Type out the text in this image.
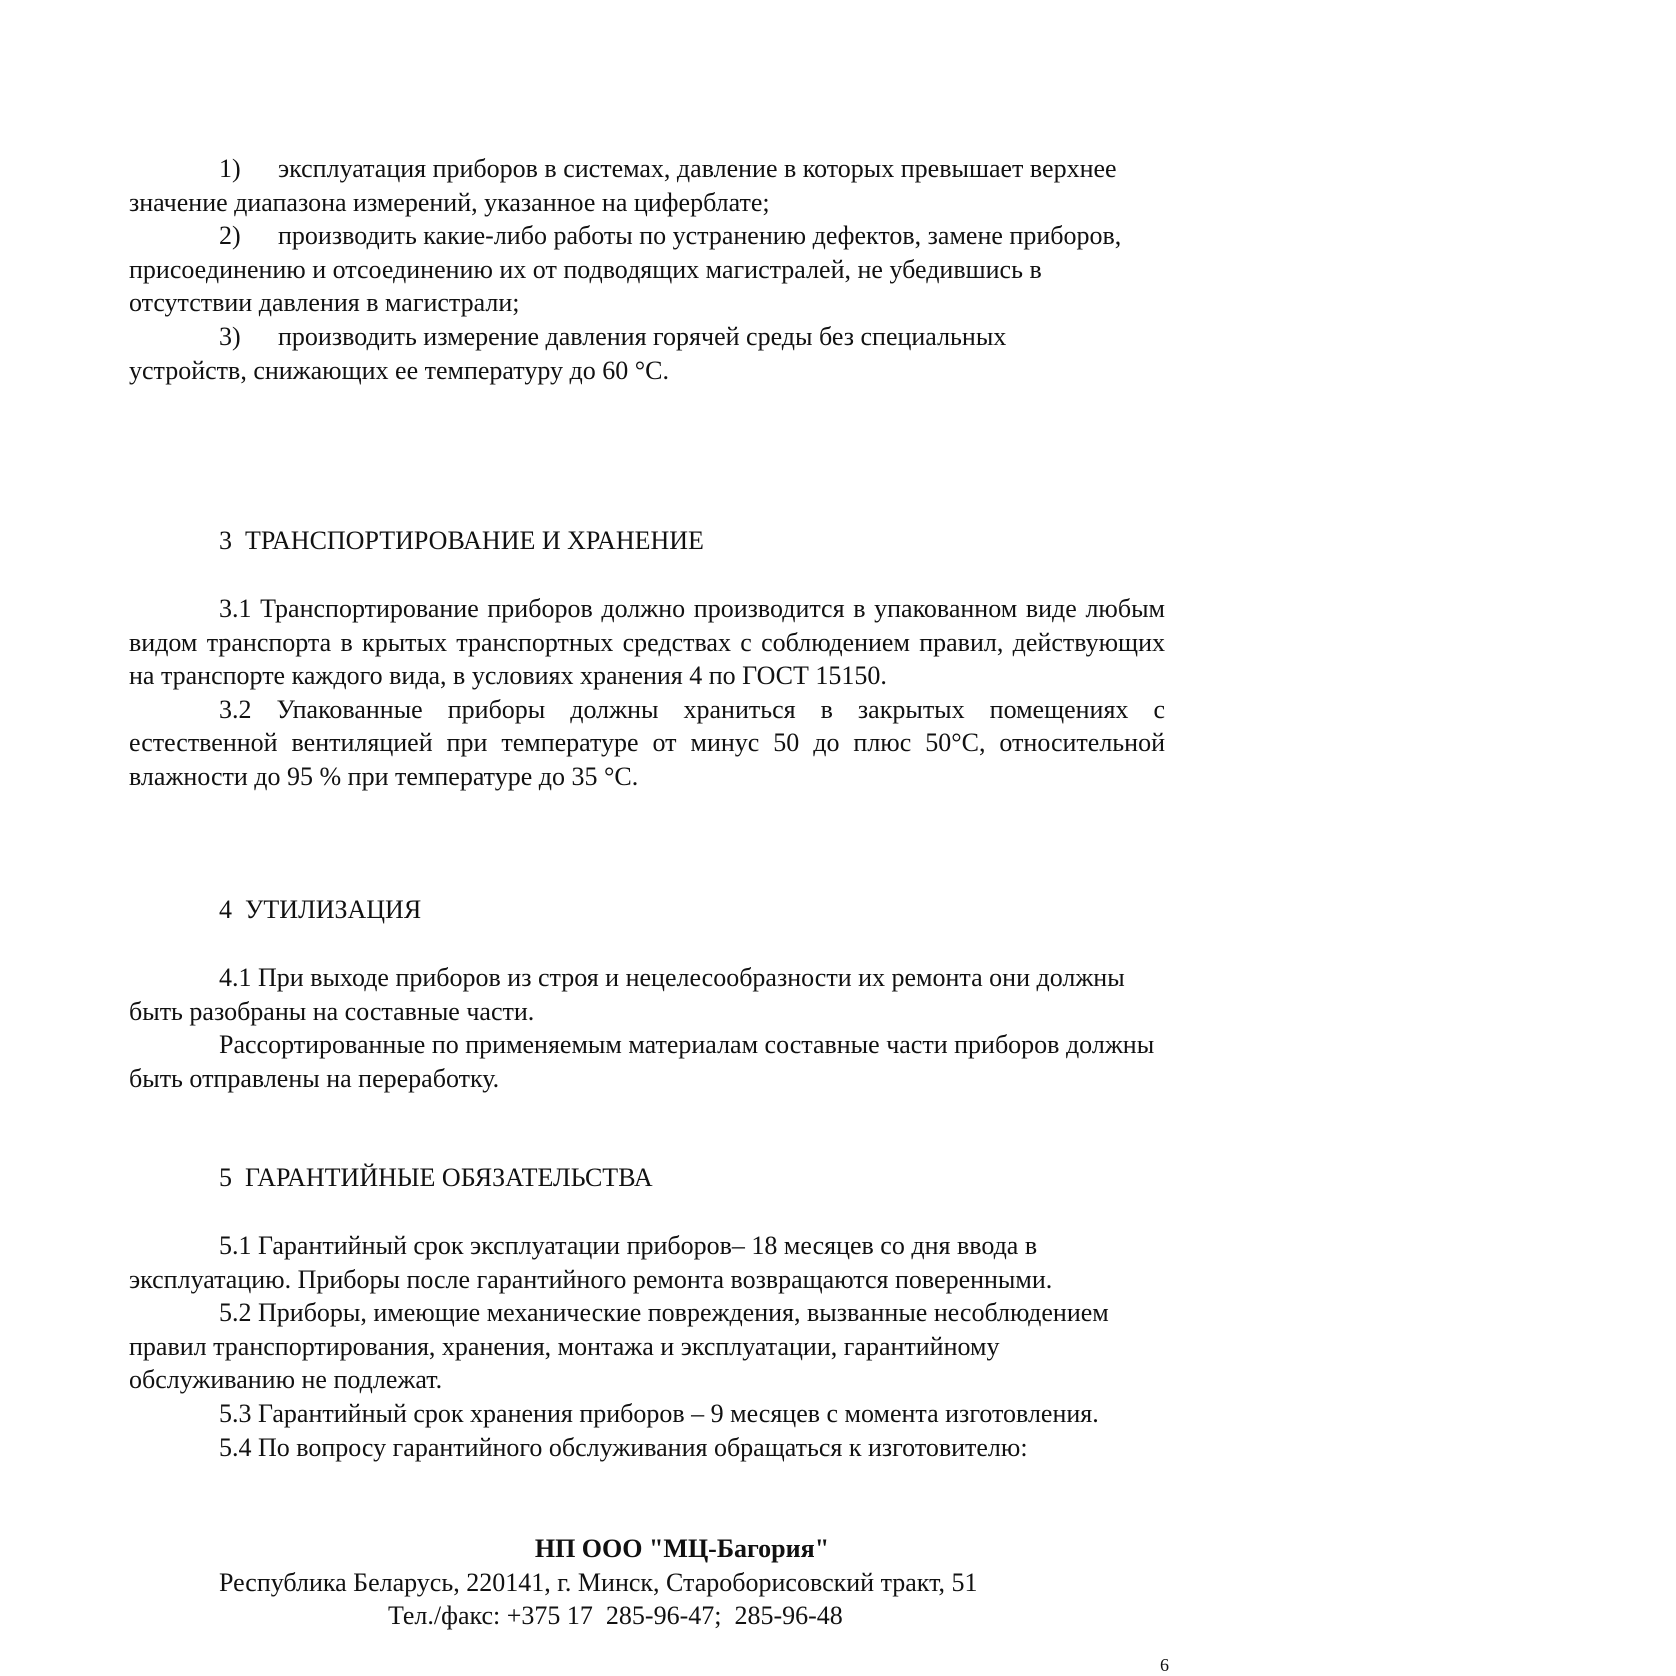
1) эксплуатация приборов в системах, давление в которых превышает верхнее значение диапазона измерений, указанное на циферблате;

2) производить какие-либо работы по устранению дефектов, замене приборов, присоединению и отсоединению их от подводящих магистралей, не убедившись в отсутствии давления в магистрали;

3) производить измерение давления горячей среды без специальных устройств, снижающих ее температуру до 60 °С.

3  ТРАНСПОРТИРОВАНИЕ И ХРАНЕНИЕ

3.1 Транспортирование приборов должно производится в упакованном виде любым видом транспорта в крытых транспортных средствах с соблюдением правил, действующих на транспорте каждого вида, в условиях хранения 4 по ГОСТ 15150.

3.2 Упакованные приборы должны храниться в закрытых помещениях с естественной вентиляцией при температуре от минус 50 до плюс 50°С, относительной влажности до 95 % при температуре до 35 °С.

4  УТИЛИЗАЦИЯ

4.1 При выходе приборов из строя и нецелесообразности их ремонта они должны быть разобраны на составные части.

Рассортированные по применяемым материалам составные части приборов должны быть отправлены на переработку.

5  ГАРАНТИЙНЫЕ ОБЯЗАТЕЛЬСТВА

5.1 Гарантийный срок эксплуатации приборов– 18 месяцев со дня ввода в эксплуатацию. Приборы после гарантийного ремонта возвращаются поверенными.

5.2 Приборы, имеющие механические повреждения, вызванные несоблюдением правил транспортирования, хранения, монтажа и эксплуатации, гарантийному обслуживанию не подлежат.

5.3 Гарантийный срок хранения приборов – 9 месяцев с момента изготовления.

5.4 По вопросу гарантийного обслуживания обращаться к изготовителю:

НП ООО "МЦ-Багория"
Республика Беларусь, 220141, г. Минск, Староборисовский тракт, 51
Тел./факс: +375 17  285-96-47;  285-96-48
6
